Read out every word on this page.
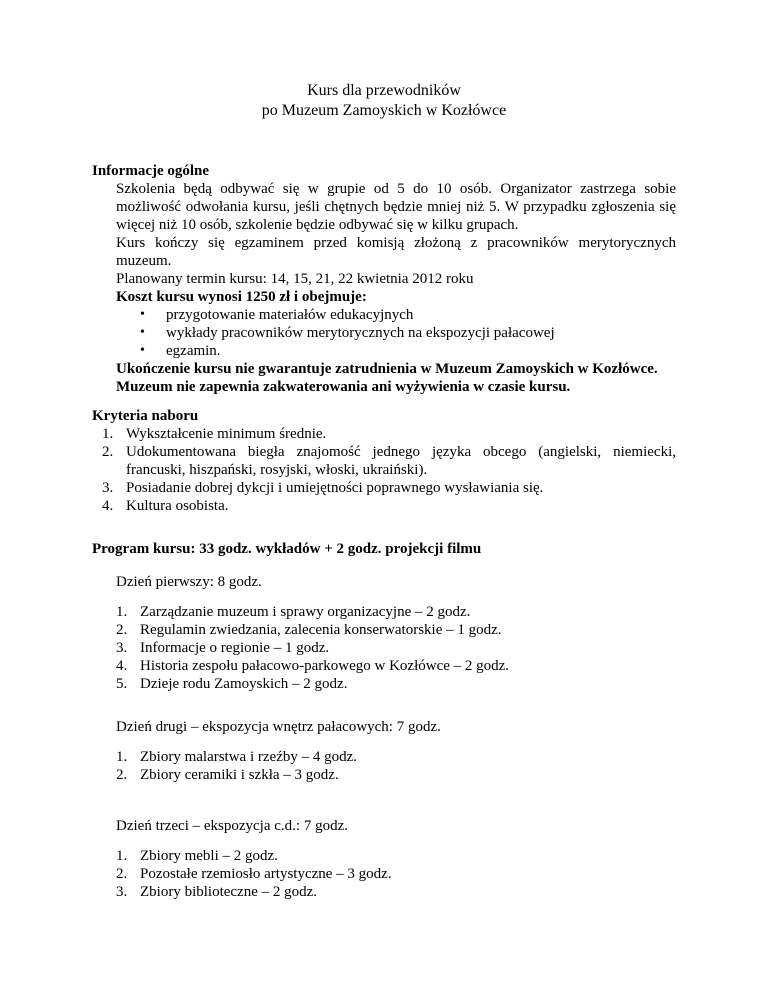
Kurs dla przewodników
po Muzeum Zamoyskich w Kozłówce
Informacje ogólne
Szkolenia będą odbywać się w grupie od 5 do 10 osób. Organizator zastrzega sobie możliwość odwołania kursu, jeśli chętnych będzie mniej niż 5. W przypadku zgłoszenia się więcej niż 10 osób, szkolenie będzie odbywać się w kilku grupach.
Kurs kończy się egzaminem przed komisją złożoną z pracowników merytorycznych muzeum.
Planowany termin kursu: 14, 15, 21, 22 kwietnia 2012 roku
Koszt kursu wynosi 1250 zł i obejmuje:
• przygotowanie materiałów edukacyjnych
• wykłady pracowników merytorycznych na ekspozycji pałacowej
• egzamin.
Ukończenie kursu nie gwarantuje zatrudnienia w Muzeum Zamoyskich w Kozłówce.
Muzeum nie zapewnia zakwaterowania ani wyżywienia w czasie kursu.
Kryteria naboru
1. Wykształcenie minimum średnie.
2. Udokumentowana biegła znajomość jednego języka obcego (angielski, niemiecki, francuski, hiszpański, rosyjski, włoski, ukraiński).
3. Posiadanie dobrej dykcji i umiejętności poprawnego wysławiania się.
4. Kultura osobista.
Program kursu: 33 godz. wykładów + 2 godz. projekcji filmu
Dzień pierwszy: 8 godz.
1. Zarządzanie muzeum i sprawy organizacyjne – 2 godz.
2. Regulamin zwiedzania, zalecenia konserwatorskie – 1 godz.
3. Informacje o regionie – 1 godz.
4. Historia zespołu pałacowo-parkowego w Kozłówce – 2 godz.
5. Dzieje rodu Zamoyskich – 2 godz.
Dzień drugi – ekspozycja wnętrz pałacowych: 7 godz.
1. Zbiory malarstwa i rzeźby – 4 godz.
2. Zbiory ceramiki i szkła – 3 godz.
Dzień trzeci – ekspozycja c.d.: 7 godz.
1. Zbiory mebli – 2 godz.
2. Pozostałe rzemiosło artystyczne – 3 godz.
3. Zbiory biblioteczne – 2 godz.
